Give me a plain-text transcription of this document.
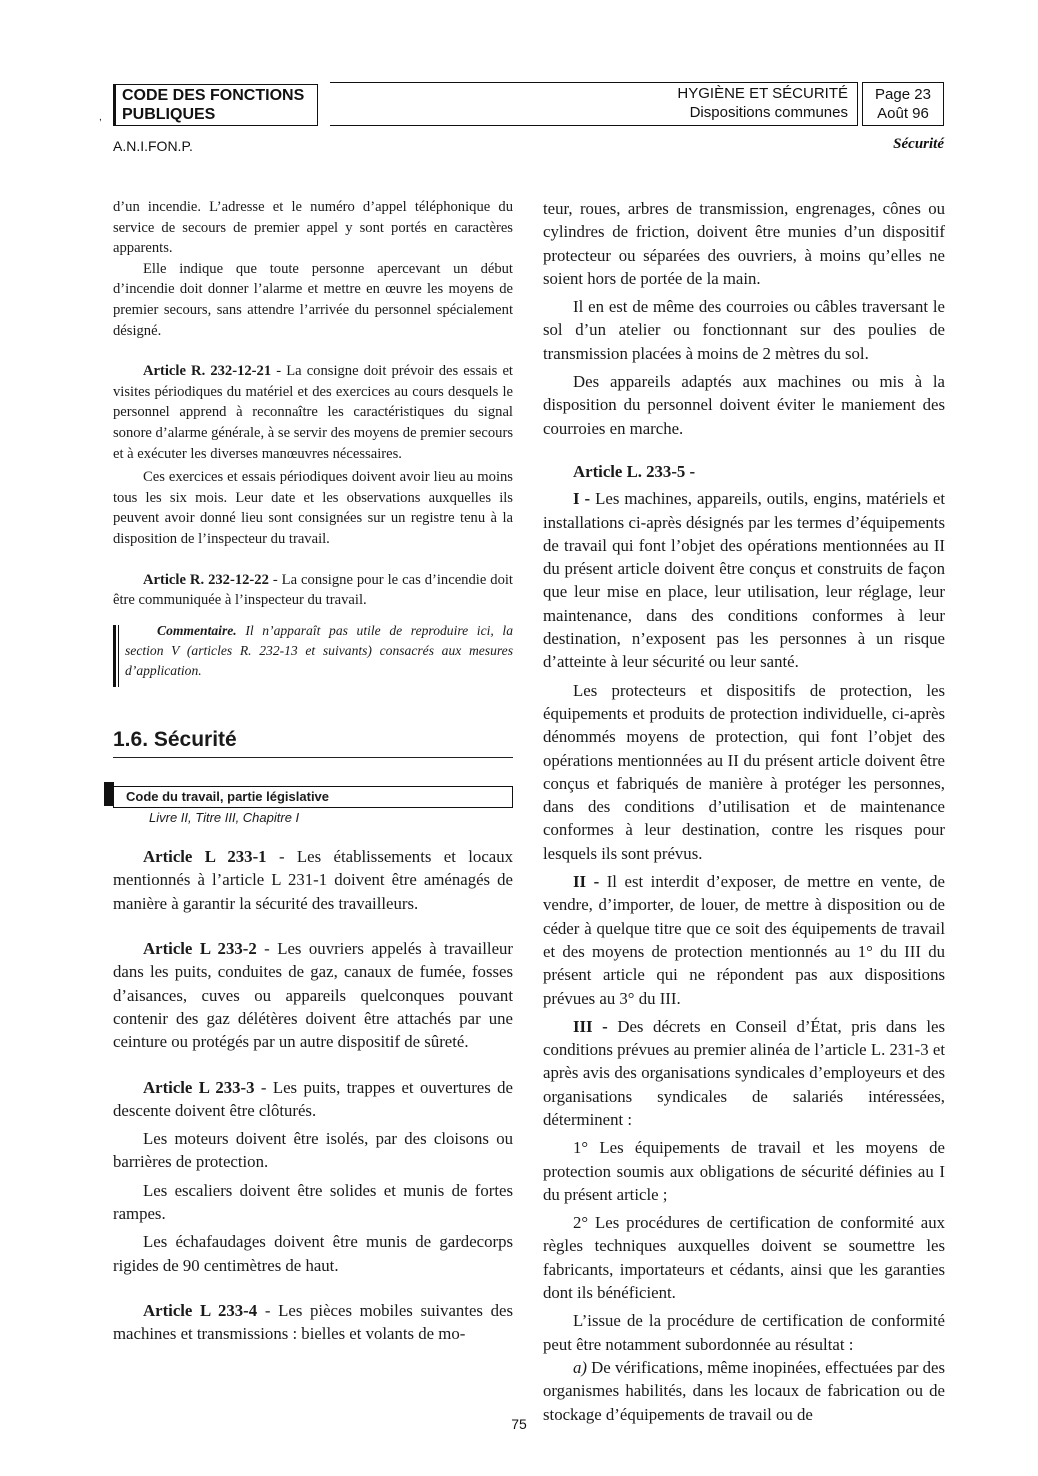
CODE DES FONCTIONS
PUBLIQUES
,
HYGIÈNE ET SÉCURITÉ
Dispositions communes
Page 23
Août 96
A.N.I.FON.P.	Sécurité

d’un incendie. L’adresse et le numéro d’appel téléphonique du service de secours de premier appel y sont portés en caractères apparents.

Elle indique que toute personne apercevant un début d’incendie doit donner l’alarme et mettre en œuvre les moyens de premier secours, sans attendre l’arrivée du personnel spécialement désigné.

Article R. 232-12-21 - La consigne doit prévoir des essais et visites périodiques du matériel et des exercices au cours desquels le personnel apprend à reconnaître les caractéristiques du signal sonore d’alarme générale, à se servir des moyens de premier secours et à exécuter les diverses manœuvres nécessaires.

Ces exercices et essais périodiques doivent avoir lieu au moins tous les six mois. Leur date et les observations auxquelles ils peuvent avoir donné lieu sont consignées sur un registre tenu à la disposition de l’inspecteur du travail.

Article R. 232-12-22 - La consigne pour le cas d’incendie doit être communiquée à l’inspecteur du travail.

Commentaire. Il n’apparaît pas utile de reproduire ici, la section V (articles R. 232-13 et suivants) consacrés aux mesures d’application.

1.6. Sécurité
Code du travail, partie législative
Livre II, Titre III, Chapitre I

Article L 233-1 - Les établissements et locaux mentionnés à l’article L 231-1 doivent être aménagés de manière à garantir la sécurité des travailleurs.

Article L 233-2 - Les ouvriers appelés à travailleur dans les puits, conduites de gaz, canaux de fumée, fosses d’aisances, cuves ou appareils quelconques pouvant contenir des gaz délétères doivent être attachés par une ceinture ou protégés par un autre dispositif de sûreté.

Article L 233-3 - Les puits, trappes et ouvertures de descente doivent être clôturés.

Les moteurs doivent être isolés, par des cloisons ou barrières de protection.

Les escaliers doivent être solides et munis de fortes rampes.

Les échafaudages doivent être munis de gardecorps rigides de 90 centimètres de haut.

Article L 233-4 - Les pièces mobiles suivantes des machines et transmissions : bielles et volants de mo-

teur, roues, arbres de transmission, engrenages, cônes ou cylindres de friction, doivent être munies d’un dispositif protecteur ou séparées des ouvriers, à moins qu’elles ne soient hors de portée de la main.

Il en est de même des courroies ou câbles traversant le sol d’un atelier ou fonctionnant sur des poulies de transmission placées à moins de 2 mètres du sol.

Des appareils adaptés aux machines ou mis à la disposition du personnel doivent éviter le maniement des courroies en marche.

Article L. 233-5 -

I - Les machines, appareils, outils, engins, matériels et installations ci-après désignés par les termes d’équipements de travail qui font l’objet des opérations mentionnées au II du présent article doivent être conçus et construits de façon que leur mise en place, leur utilisation, leur réglage, leur maintenance, dans des conditions conformes à leur destination, n’exposent pas les personnes à un risque d’atteinte à leur sécurité ou leur santé.

Les protecteurs et dispositifs de protection, les équipements et produits de protection individuelle, ci-après dénommés moyens de protection, qui font l’objet des opérations mentionnées au II du présent article doivent être conçus et fabriqués de manière à protéger les personnes, dans des conditions d’utilisation et de maintenance conformes à leur destination, contre les risques pour lesquels ils sont prévus.

II - Il est interdit d’exposer, de mettre en vente, de vendre, d’importer, de louer, de mettre à disposition ou de céder à quelque titre que ce soit des équipements de travail et des moyens de protection mentionnés au 1° du III du présent article qui ne répondent pas aux dispositions prévues au 3° du III.

III - Des décrets en Conseil d’État, pris dans les conditions prévues au premier alinéa de l’article L. 231-3 et après avis des organisations syndicales d’employeurs et des organisations syndicales de salariés intéressées, déterminent :

1° Les équipements de travail et les moyens de protection soumis aux obligations de sécurité définies au I du présent article ;

2° Les procédures de certification de conformité aux règles techniques auxquelles doivent se soumettre les fabricants, importateurs et cédants, ainsi que les garanties dont ils bénéficient.

L’issue de la procédure de certification de conformité peut être notamment subordonnée au résultat :

a) De vérifications, même inopinées, effectuées par des organismes habilités, dans les locaux de fabrication ou de stockage d’équipements de travail ou de

75
